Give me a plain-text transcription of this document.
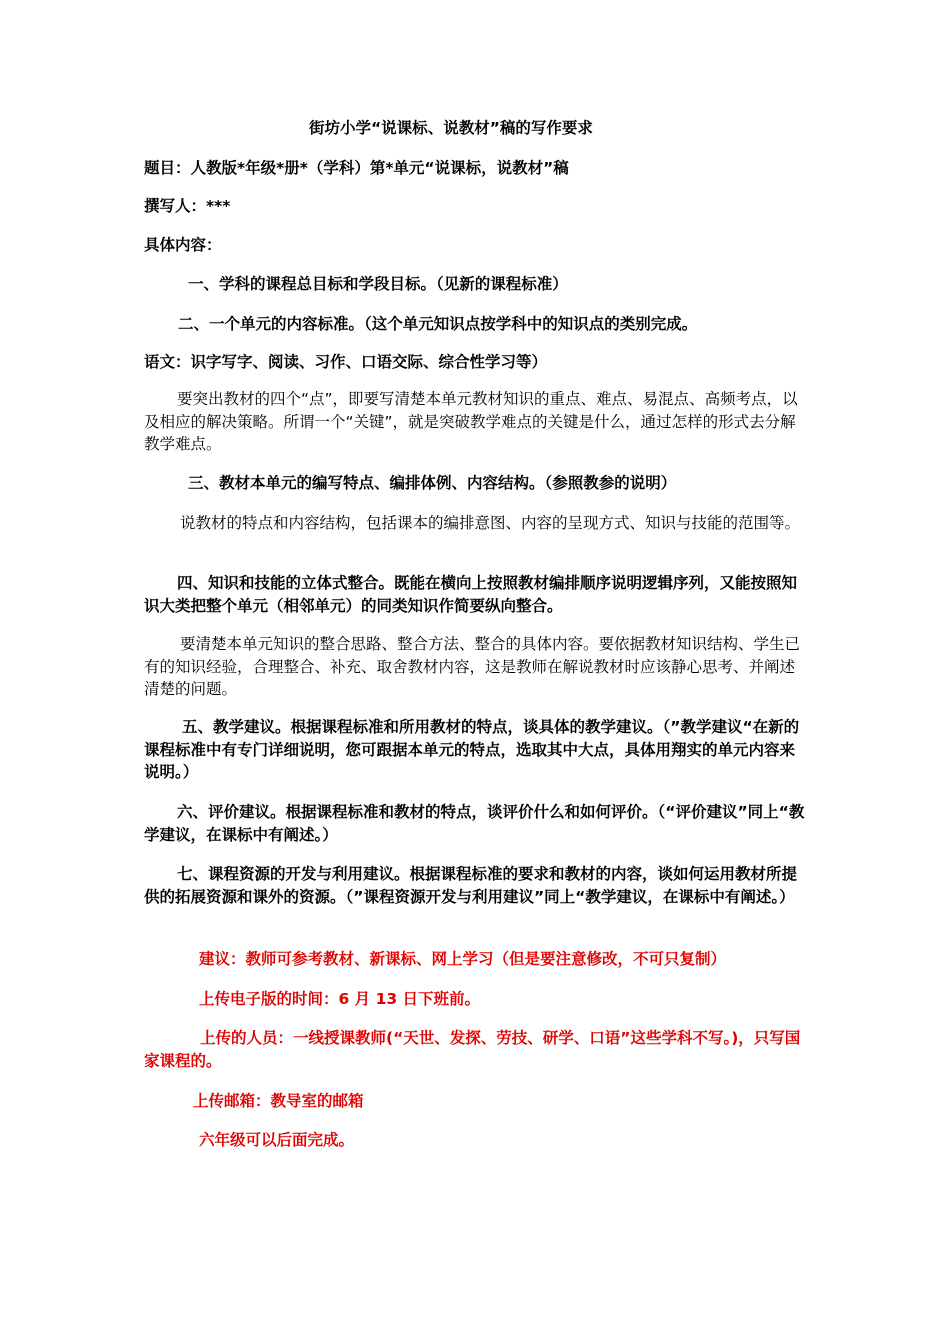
街坊小学“说课标、说教材”稿的写作要求
题目：人教版*年级*册*（学科）第*单元“说课标，说教材”稿
撰写人：***
具体内容：
一、学科的课程总目标和学段目标。（见新的课程标准）
二、一个单元的内容标准。（这个单元知识点按学科中的知识点的类别完成。
语文：识字写字、阅读、习作、口语交际、综合性学习等）
要突出教材的四个“点”，即要写清楚本单元教材知识的重点、难点、易混点、高频考点，以及相应的解决策略。所谓一个“关键”，就是突破教学难点的关键是什么，通过怎样的形式去分解教学难点。
三、教材本单元的编写特点、编排体例、内容结构。（参照教参的说明）
说教材的特点和内容结构，包括课本的编排意图、内容的呈现方式、知识与技能的范围等。
四、知识和技能的立体式整合。既能在横向上按照教材编排顺序说明逻辑序列，又能按照知识大类把整个单元（相邻单元）的同类知识作简要纵向整合。
要清楚本单元知识的整合思路、整合方法、整合的具体内容。要依据教材知识结构、学生已有的知识经验，合理整合、补充、取舍教材内容，这是教师在解说教材时应该静心思考、并阐述清楚的问题。
五、教学建议。根据课程标准和所用教材的特点，谈具体的教学建议。（”教学建议“在新的课程标准中有专门详细说明，您可跟据本单元的特点，选取其中大点，具体用翔实的单元内容来说明。）
六、评价建议。根据课程标准和教材的特点，谈评价什么和如何评价。（“评价建议”同上“教学建议，在课标中有阐述。）
七、课程资源的开发与利用建议。根据课程标准的要求和教材的内容，谈如何运用教材所提供的拓展资源和课外的资源。（”课程资源开发与利用建议”同上“教学建议，在课标中有阐述。）
建议：教师可参考教材、新课标、网上学习（但是要注意修改，不可只复制）
上传电子版的时间：6 月 13 日下班前。
上传的人员：一线授课教师(“天世、发探、劳技、研学、口语”这些学科不写。)，只写国家课程的。
上传邮箱：教导室的邮箱
六年级可以后面完成。
